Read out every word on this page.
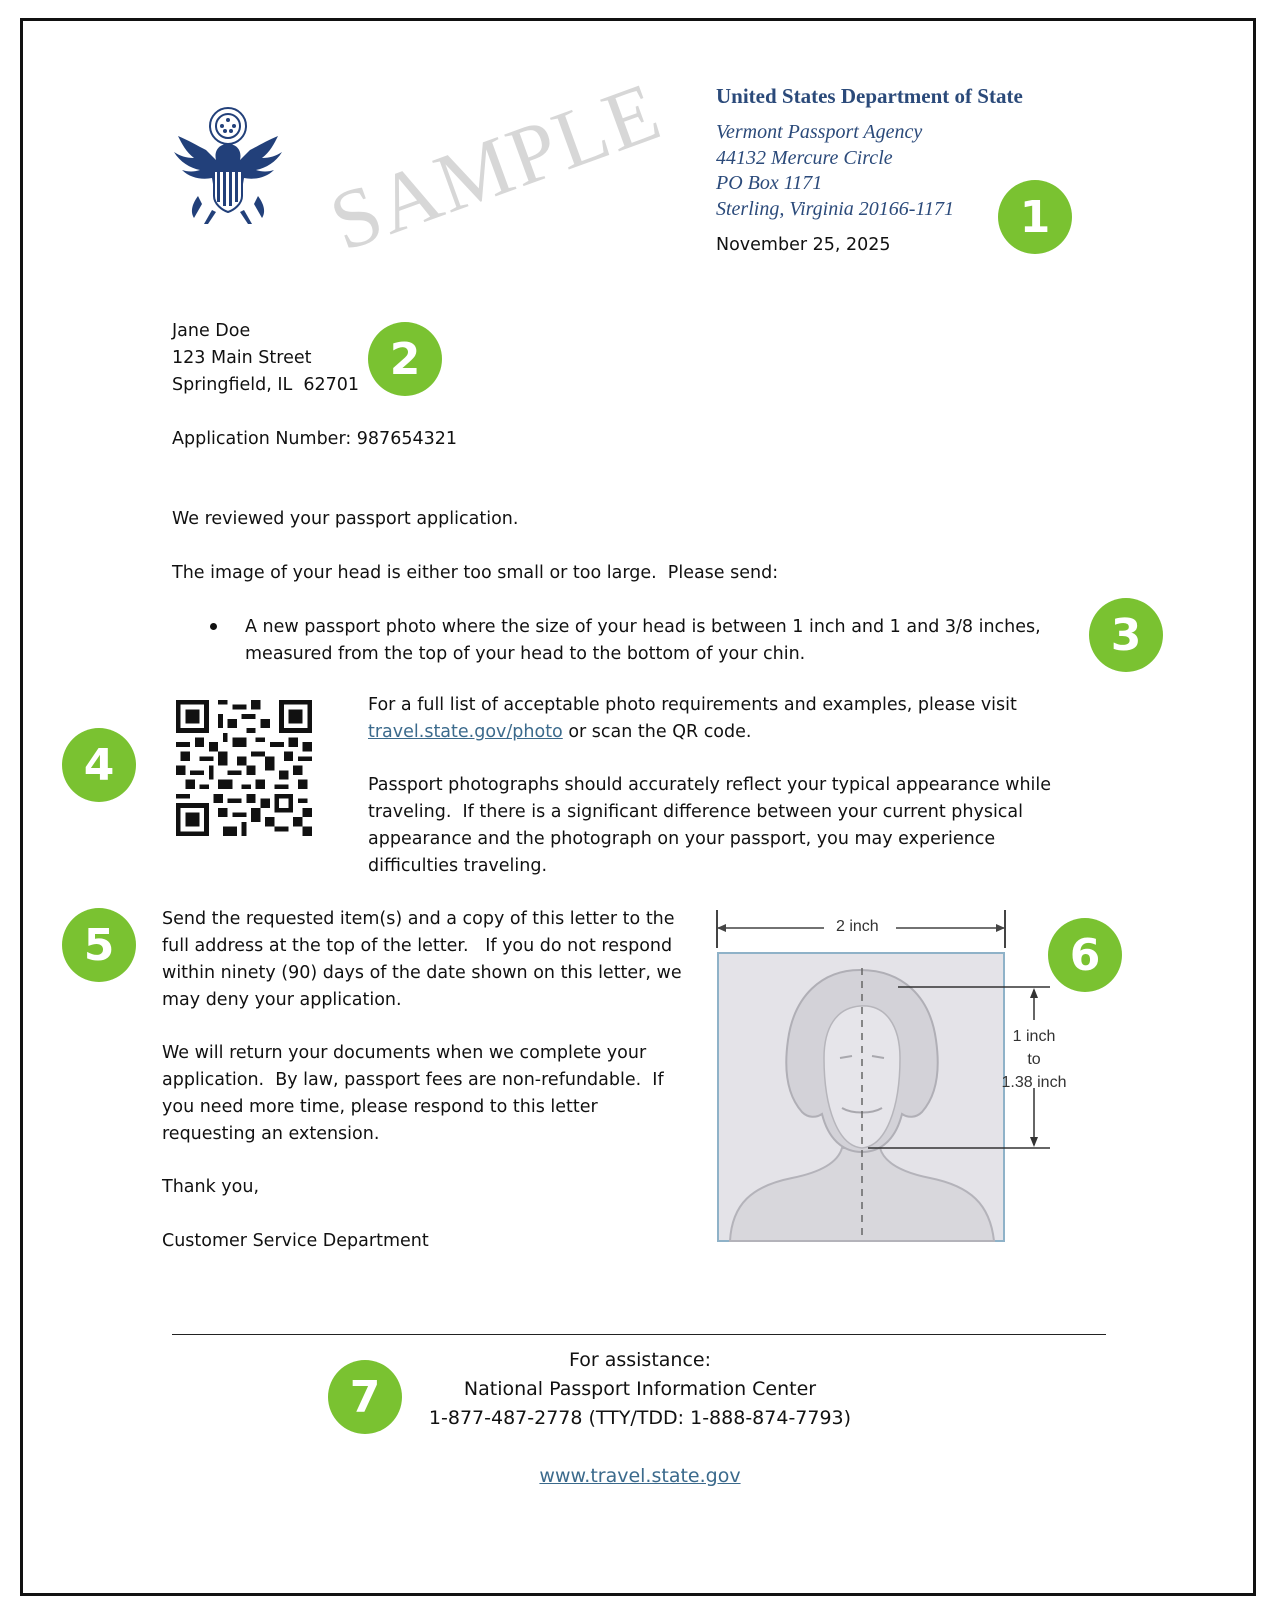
SAMPLE United States Department of State
Vermont Passport Agency
44132 Mercure Circle
PO Box 1171
Sterling, Virginia 20166-1171
November 25, 2025
1
2
3
4
5	6
7
Jane Doe
123 Main Street
Springfield, IL  62701
Application Number: 987654321
We reviewed your passport application.
The image of your head is either too small or too large.  Please send:
A new passport photo where the size of your head is between 1 inch and 1 and 3/8 inches,
measured from the top of your head to the bottom of your chin.
For a full list of acceptable photo requirements and examples, please visit
travel.state.gov/photo or scan the QR code.
Passport photographs should accurately reflect your typical appearance while
traveling.  If there is a significant difference between your current physical
appearance and the photograph on your passport, you may experience
difficulties traveling.
Send the requested item(s) and a copy of this letter to the
full address at the top of the letter.   If you do not respond
within ninety (90) days of the date shown on this letter, we
may deny your application.
We will return your documents when we complete your
application.  By law, passport fees are non-refundable.  If
you need more time, please respond to this letter
requesting an extension.
Thank you,
Customer Service Department
2 inch
1 inch
to
1.38 inch
For assistance:
National Passport Information Center
1-877-487-2778 (TTY/TDD: 1-888-874-7793)
www.travel.state.gov
